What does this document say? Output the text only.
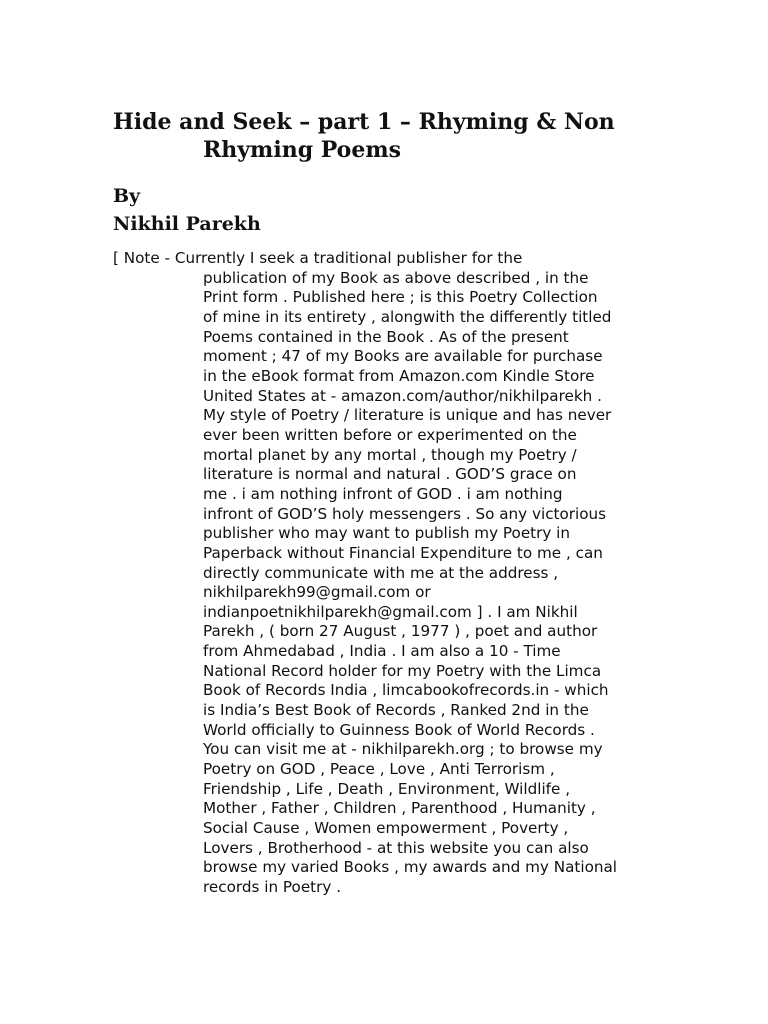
Hide and Seek – part 1 – Rhyming & Non
Rhyming Poems
By
Nikhil Parekh
[ Note - Currently I seek a traditional publisher for the
publication of my Book as above described , in the
Print form . Published here ; is this Poetry Collection
of mine in its entirety , alongwith the differently titled
Poems contained in the Book . As of the present
moment ; 47 of my Books are available for purchase
in the eBook format from Amazon.com Kindle Store
United States at - amazon.com/author/nikhilparekh .
My style of Poetry / literature is unique and has never
ever been written before or experimented on the
mortal planet by any mortal , though my Poetry /
literature is normal and natural . GOD’S grace on
me . i am nothing infront of GOD . i am nothing
infront of GOD’S holy messengers . So any victorious
publisher who may want to publish my Poetry in
Paperback without Financial Expenditure to me , can
directly communicate with me at the address ,
nikhilparekh99@gmail.com or
indianpoetnikhilparekh@gmail.com ] . I am Nikhil
Parekh , ( born 27 August , 1977 ) , poet and author
from Ahmedabad , India . I am also a 10 - Time
National Record holder for my Poetry with the Limca
Book of Records India , limcabookofrecords.in - which
is India’s Best Book of Records , Ranked 2nd in the
World officially to Guinness Book of World Records .
You can visit me at - nikhilparekh.org ; to browse my
Poetry on GOD , Peace , Love , Anti Terrorism ,
Friendship , Life , Death , Environment, Wildlife ,
Mother , Father , Children , Parenthood , Humanity ,
Social Cause , Women empowerment , Poverty ,
Lovers , Brotherhood - at this website you can also
browse my varied Books , my awards and my National
records in Poetry .
